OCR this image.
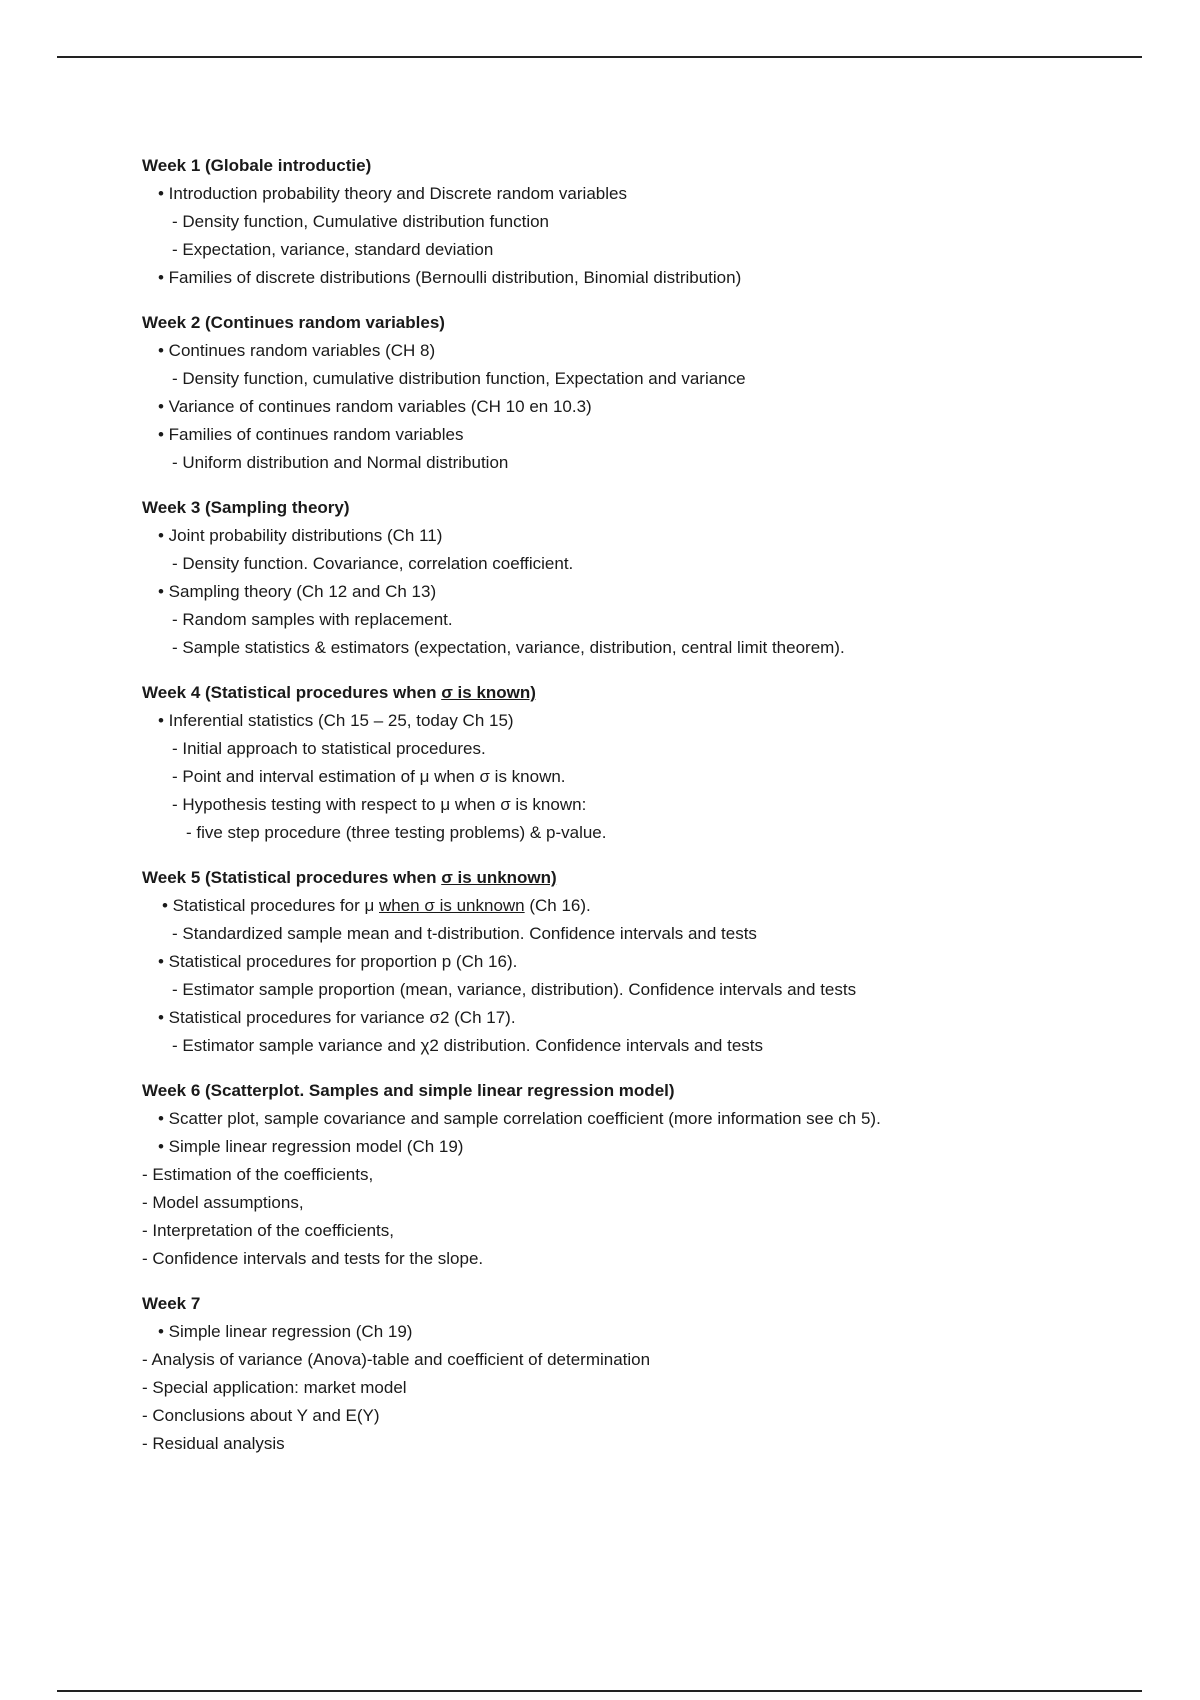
Week 1 (Globale introductie)
• Introduction probability theory and Discrete random variables
- Density function, Cumulative distribution function
- Expectation, variance, standard deviation
• Families of discrete distributions (Bernoulli distribution, Binomial distribution)
Week 2 (Continues random variables)
• Continues random variables (CH 8)
- Density function, cumulative distribution function, Expectation and variance
• Variance of continues random variables (CH 10 en 10.3)
• Families of continues random variables
- Uniform distribution and Normal distribution
Week 3 (Sampling theory)
• Joint probability distributions (Ch 11)
- Density function. Covariance, correlation coefficient.
• Sampling theory (Ch 12 and Ch 13)
- Random samples with replacement.
- Sample statistics & estimators (expectation, variance, distribution, central limit theorem).
Week 4 (Statistical procedures when σ is known)
• Inferential statistics (Ch 15 – 25, today Ch 15)
- Initial approach to statistical procedures.
- Point and interval estimation of μ when σ is known.
- Hypothesis testing with respect to μ when σ is known:
- five step procedure (three testing problems) & p-value.
Week 5 (Statistical procedures when σ is unknown)
• Statistical procedures for μ when σ is unknown (Ch 16).
- Standardized sample mean and t-distribution. Confidence intervals and tests
• Statistical procedures for proportion p (Ch 16).
- Estimator sample proportion (mean, variance, distribution). Confidence intervals and tests
• Statistical procedures for variance σ2 (Ch 17).
- Estimator sample variance and χ2 distribution. Confidence intervals and tests
Week 6 (Scatterplot. Samples and simple linear regression model)
• Scatter plot, sample covariance and sample correlation coefficient (more information see ch 5).
• Simple linear regression model (Ch 19)
- Estimation of the coefficients,
- Model assumptions,
- Interpretation of the coefficients,
- Confidence intervals and tests for the slope.
Week 7
• Simple linear regression (Ch 19)
- Analysis of variance (Anova)-table and coefficient of determination
- Special application: market model
- Conclusions about Y and E(Y)
- Residual analysis
